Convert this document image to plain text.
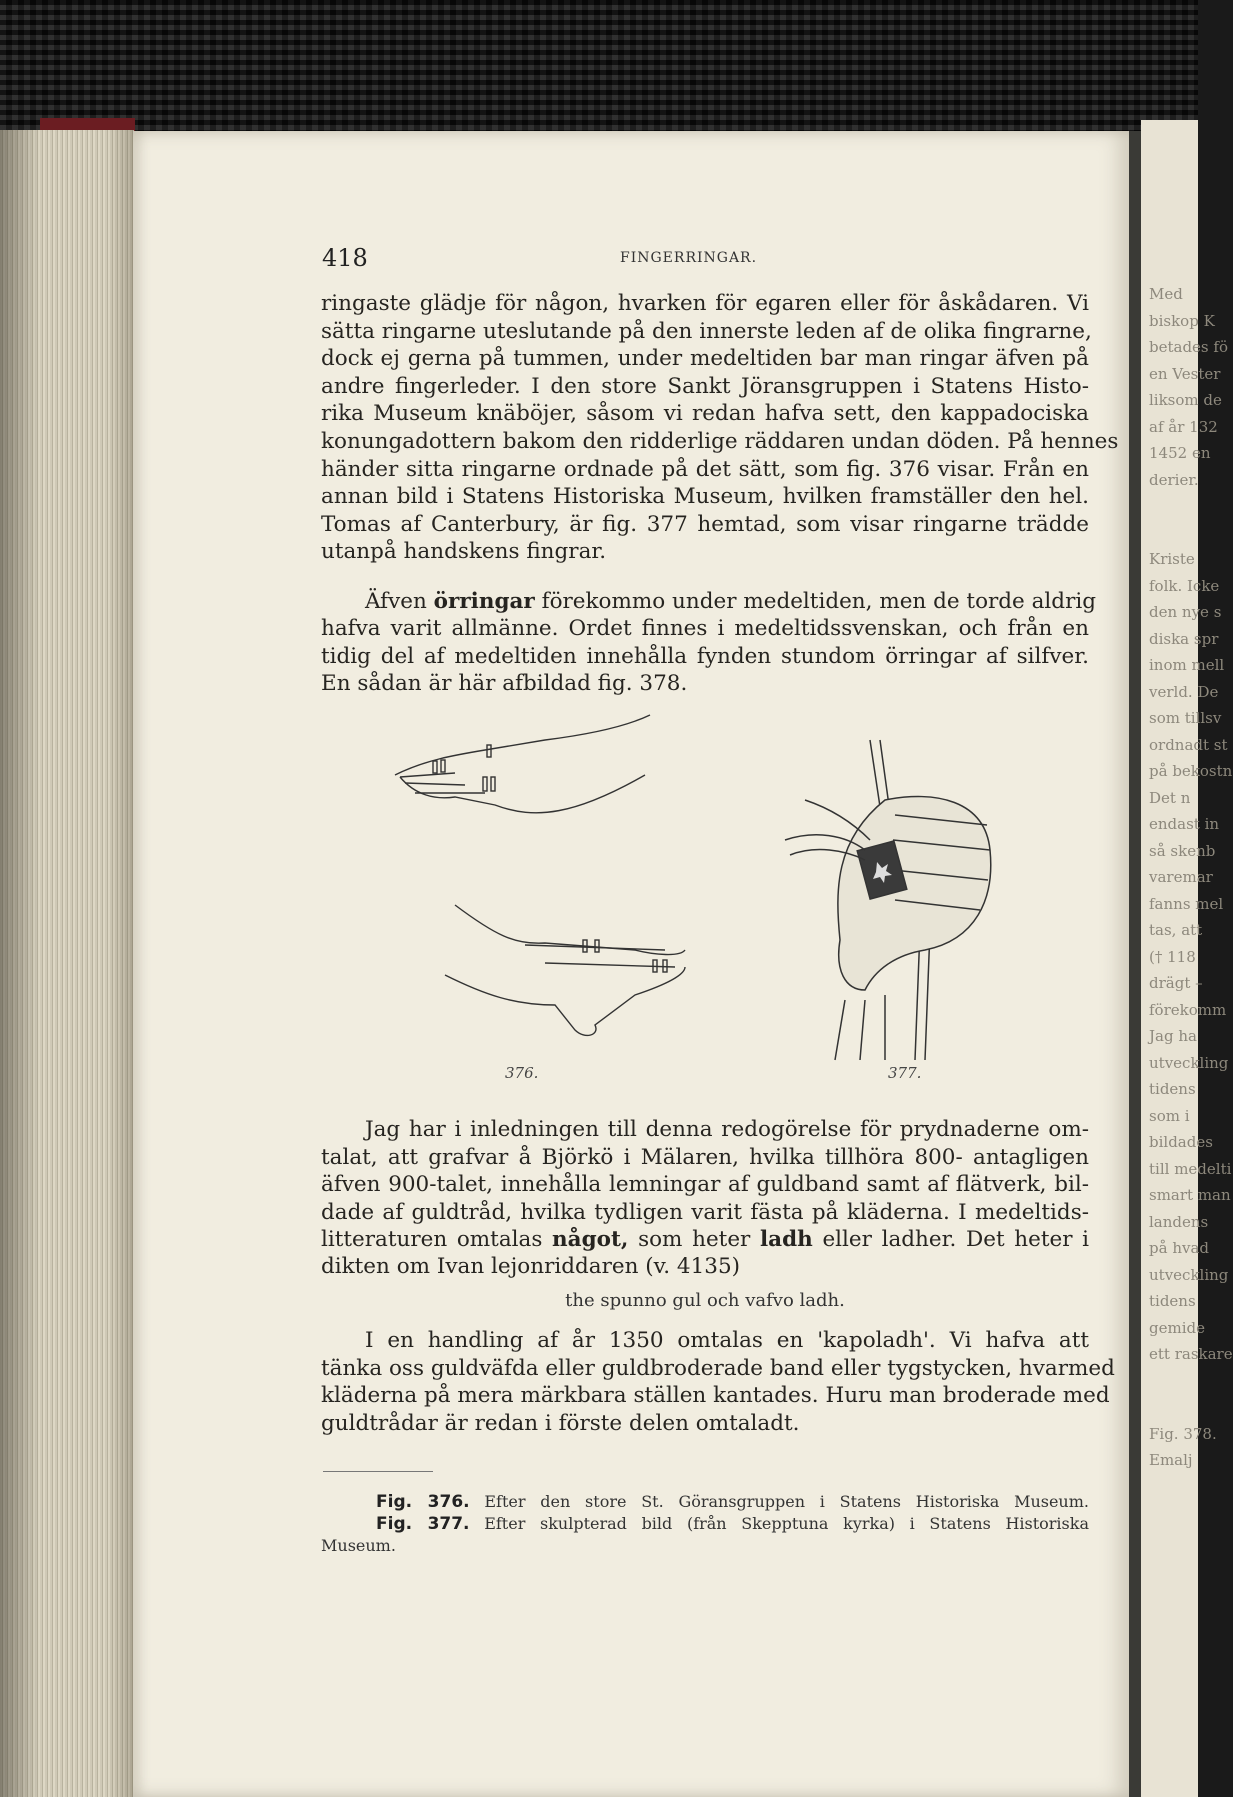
Med
biskop K
betades fö
en Vester
liksom de
af år 132
1452 en
derier.
Kriste
folk. Icke
den nye s
diska spr
inom mell
verld. De
som tillsv
ordnadt st
på bekostn
Det n
endast in
så skenb
varemar
fanns mel
tas, att
(† 118
drägt –
förekomm
Jag ha
utveckling
tidens
som i
bildades
till medelti
smart man
landens
på hvad
utveckling
tidens
gemide
ett raskare
Fig. 378.
Emalj
418	FINGERRINGAR.
ringaste glädje för någon, hvarken för egaren eller för åskådaren. Vi
sätta ringarne uteslutande på den innerste leden af de olika fingrarne,
dock ej gerna på tummen, under medeltiden bar man ringar äfven på
andre fingerleder. I den store Sankt Jöransgruppen i Statens Histo-
rika Museum knäböjer, såsom vi redan hafva sett, den kappadociska
konungadottern bakom den ridderlige räddaren undan döden. På hennes
händer sitta ringarne ordnade på det sätt, som fig. 376 visar. Från en
annan bild i Statens Historiska Museum, hvilken framställer den hel.
Tomas af Canterbury, är fig. 377 hemtad, som visar ringarne trädde
utanpå handskens fingrar.
Äfven örringar förekommo under medeltiden, men de torde aldrig
hafva varit allmänne. Ordet finnes i medeltidssvenskan, och från en
tidig del af medeltiden innehålla fynden stundom örringar af silfver.
En sådan är här afbildad fig. 378.
376.	377.
Jag har i inledningen till denna redogörelse för prydnaderne om-
talat, att grafvar å Björkö i Mälaren, hvilka tillhöra 800- antagligen
äfven 900-talet, innehålla lemningar af guldband samt af flätverk, bil-
dade af guldtråd, hvilka tydligen varit fästa på kläderna. I medeltids-
litteraturen omtalas något, som heter ladh eller ladher. Det heter i
dikten om Ivan lejonriddaren (v. 4135)
the spunno gul och vafvo ladh.
I en handling af år 1350 omtalas en 'kapoladh'. Vi hafva att
tänka oss guldväfda eller guldbroderade band eller tygstycken, hvarmed
kläderna på mera märkbara ställen kantades. Huru man broderade med
guldtrådar är redan i förste delen omtaladt.
Fig. 376. Efter den store St. Göransgruppen i Statens Historiska Museum.
Fig. 377. Efter skulpterad bild (från Skepptuna kyrka) i Statens Historiska
Museum.
